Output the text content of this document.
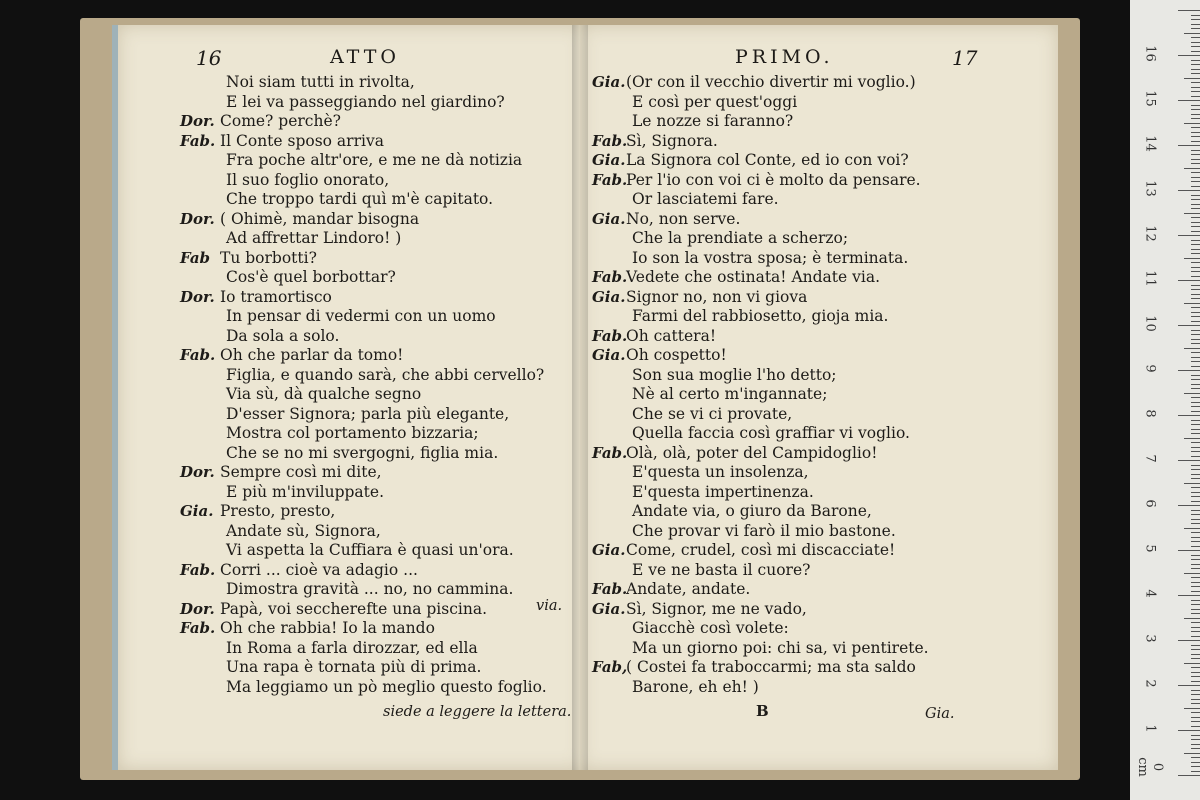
16	ATTO	PRIMO.	17
Noi siam tutti in rivolta,
E lei va passeggiando nel giardino?
Dor. Come? perchè?
Fab. Il Conte sposo arriva
Fra poche altr'ore, e me ne dà notizia
Il suo foglio onorato,
Che troppo tardi quì m'è capitato.
Dor. ( Ohimè, mandar bisogna
Ad affrettar Lindoro! )
Fab Tu borbotti?
Cos'è quel borbottar?
Dor. Io tramortisco
In pensar di vedermi con un uomo
Da sola a solo.
Fab. Oh che parlar da tomo!
Figlia, e quando sarà, che abbi cervello?
Via sù, dà qualche segno
D'esser Signora; parla più elegante,
Mostra col portamento bizzaria;
Che se no mi svergogni, figlia mia.
Dor. Sempre così mi dite,
E più m'inviluppate.
Gia. Presto, presto,
Andate sù, Signora,
Vi aspetta la Cuffiara è quasi un'ora.
Fab. Corri ... cioè va adagio ...
Dimostra gravità ... no, no cammina.
Dor. Papà, voi seccherefte una piscina.
Fab. Oh che rabbia! Io la mando
In Roma a farla dirozzar, ed ella
Una rapa è tornata più di prima.
Ma leggiamo un pò meglio questo foglio.
Gia. (Or con il vecchio divertir mi voglio.)
E così per quest'oggi
Le nozze si faranno?
Fab.
Sì, Signora.
Gia. La Signora col Conte, ed io con voi?
Fab.
Per l'io con voi ci è molto da pensare.
Or lasciatemi fare.
Gia. No, non serve.
Che la prendiate a scherzo;
Io son la vostra sposa; è terminata.
Fab.
Vedete che ostinata! Andate via.
Gia. Signor no, non vi giova
Farmi del rabbiosetto, gioja mia.
Fab.
Oh cattera!
Gia. Oh cospetto!
Son sua moglie l'ho detto;
Nè al certo m'ingannate;
Che se vi ci provate,
Quella faccia così graffiar vi voglio.
Fab.
Olà, olà, poter del Campidoglio!
E'questa un insolenza,
E'questa impertinenza.
Andate via, o giuro da Barone,
Che provar vi farò il mio bastone.
Gia. Come, crudel, così mi discacciate!
E ve ne basta il cuore?
Fab.
Andate, andate.
Gia. Sì, Signor, me ne vado,
Giacchè così volete:
Ma un giorno poi: chi sa, vi pentirete.
Fab,
( Costei fa traboccarmi; ma sta saldo
Barone, eh eh! )
via.
siede a leggere la lettera.	B	Gia.
0 cm
1
2
3
4
5
6
7
8
9
10
11
12
13
14
15
16
